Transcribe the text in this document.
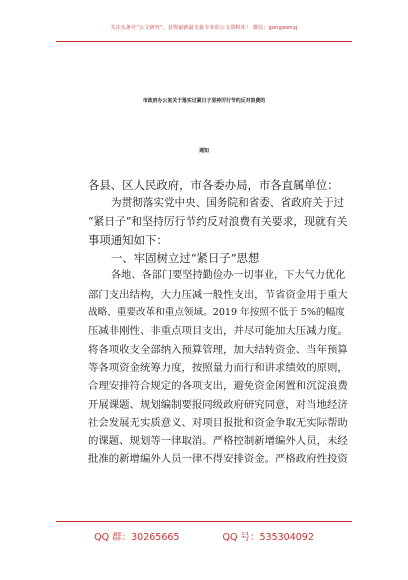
关注头条号“公文研究”，获得最新最全最专业的公文资料库！ 微信：gongwenyj
市政府办公室关于落实过紧日子坚持厉行节约反对浪费的
通知
各县、区人民政府，市各委办局，市各直属单位：
为贯彻落实党中央、国务院和省委、省政府关于过
“紧日子”和坚持厉行节约反对浪费有关要求，现就有关
事项通知如下：
一、牢固树立过“紧日子”思想
各地、各部门要坚持勤俭办一切事业，下大气力优化
部门支出结构，大力压减一般性支出，节省资金用于重大
战略、重要改革和重点领域。2019 年按照不低于 5%的幅度
压减非刚性、非重点项目支出，并尽可能加大压减力度。
将各项收支全部纳入预算管理，加大结转资金、当年预算
等各项资金统筹力度，按照量力而行和讲求绩效的原则，
合理安排符合规定的各项支出，避免资金闲置和沉淀浪费
开展课题、规划编制要报同级政府研究同意，对当地经济
社会发展无实质意义、对项目报批和资金争取无实际帮助
的课题、规划等一律取消。严格控制新增编外人员，未经
批准的新增编外人员一律不得安排资金。严格政府性投资
QQ 群：30265665	QQ 号：535304092
